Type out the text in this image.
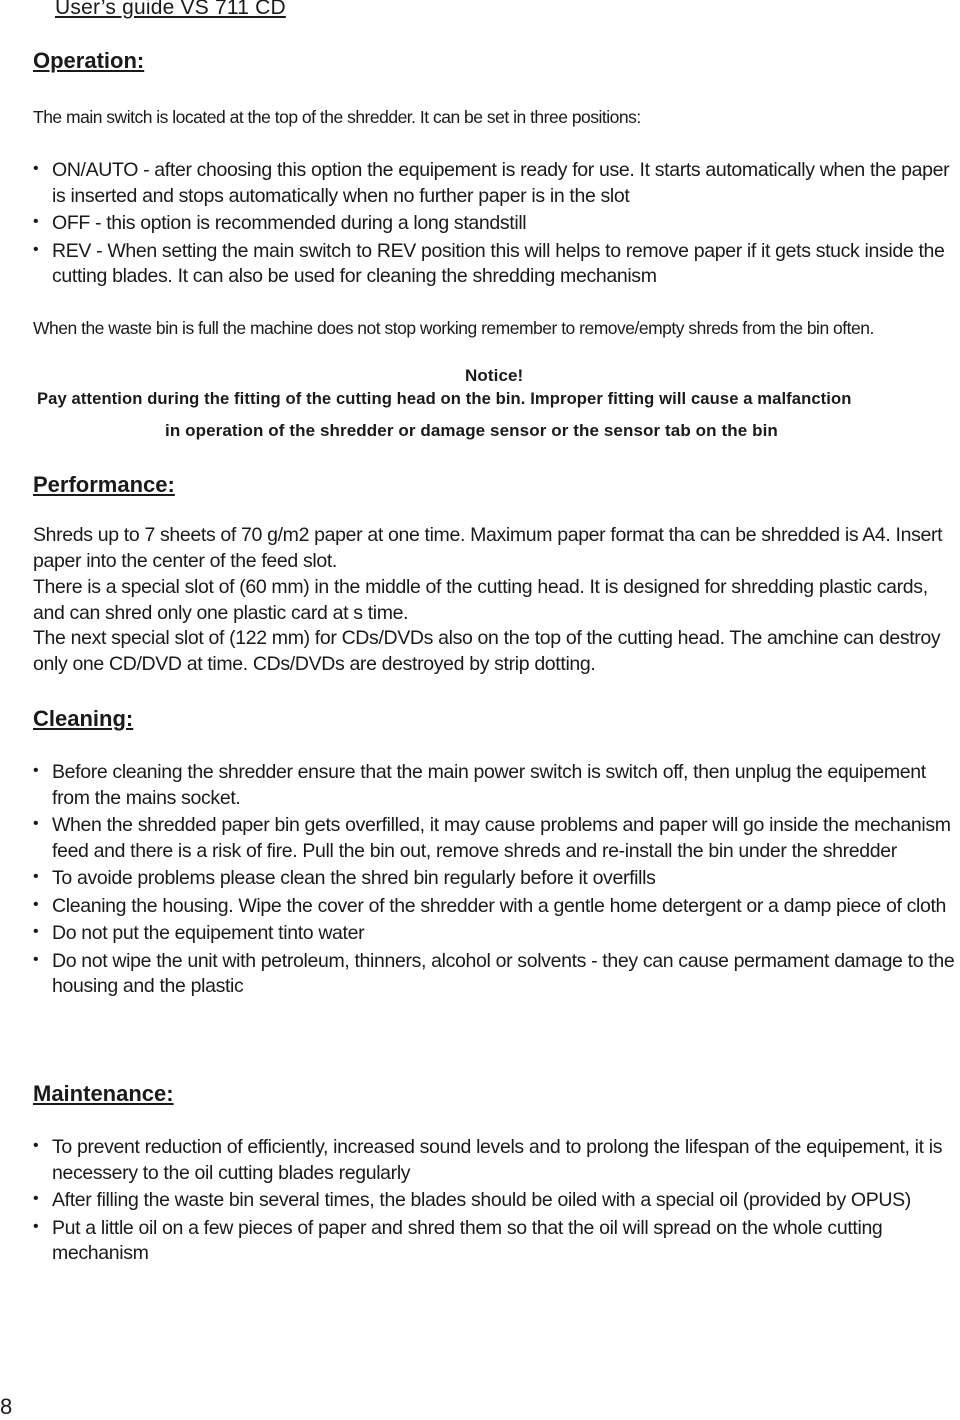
User’s guide VS 711 CD
Operation:
The main switch is located at the top of the shredder. It can be set in three positions:
• ON/AUTO - after choosing this option the equipement is ready for use. It starts automatically when the paper is inserted and stops automatically when no further paper is in the slot
• OFF - this option is recommended during a long standstill
• REV - When setting the main switch to REV position this will helps to remove paper if it gets stuck inside the cutting blades. It can also be used for cleaning the shredding mechanism
When the waste bin is full the machine does not stop working remember to remove/empty shreds from the bin often.
Notice!
Pay attention during the fitting of the cutting head on the bin. Improper fitting will cause a malfanction
in operation of the shredder or damage sensor or the sensor tab on the bin
Performance:
Shreds up to 7 sheets of 70 g/m2 paper at one time. Maximum paper format tha can be shredded is A4. Insert paper into the center of the feed slot.
There is a special slot of (60 mm) in the middle of the cutting head. It is designed for shredding plastic cards, and can shred only one plastic card at s time.
The next special slot of (122 mm) for CDs/DVDs also on the top of the cutting head. The amchine can destroy only one CD/DVD at time. CDs/DVDs are destroyed by strip dotting.
Cleaning:
• Before cleaning the shredder ensure that the main power switch is switch off, then unplug the equipement from the mains socket.
• When the shredded paper bin gets overfilled, it may cause problems and paper will go inside the mechanism feed and there is a risk of fire. Pull the bin out, remove shreds and re-install the bin under the shredder
• To avoide problems please clean the shred bin regularly before it overfills
• Cleaning the housing. Wipe the cover of the shredder with a gentle home detergent or a damp piece of cloth
• Do not put the equipement tinto water
• Do not wipe the unit with petroleum, thinners, alcohol or solvents - they can cause permament damage to the housing and the plastic
Maintenance:
• To prevent reduction of efficiently, increased sound levels and to prolong the lifespan of the equipement, it is necessery to the oil cutting blades regularly
• After filling the waste bin several times, the blades should be oiled with a special oil (provided by OPUS)
• Put a little oil on a few pieces of paper and shred them so that the oil will spread on the whole cutting mechanism
8
